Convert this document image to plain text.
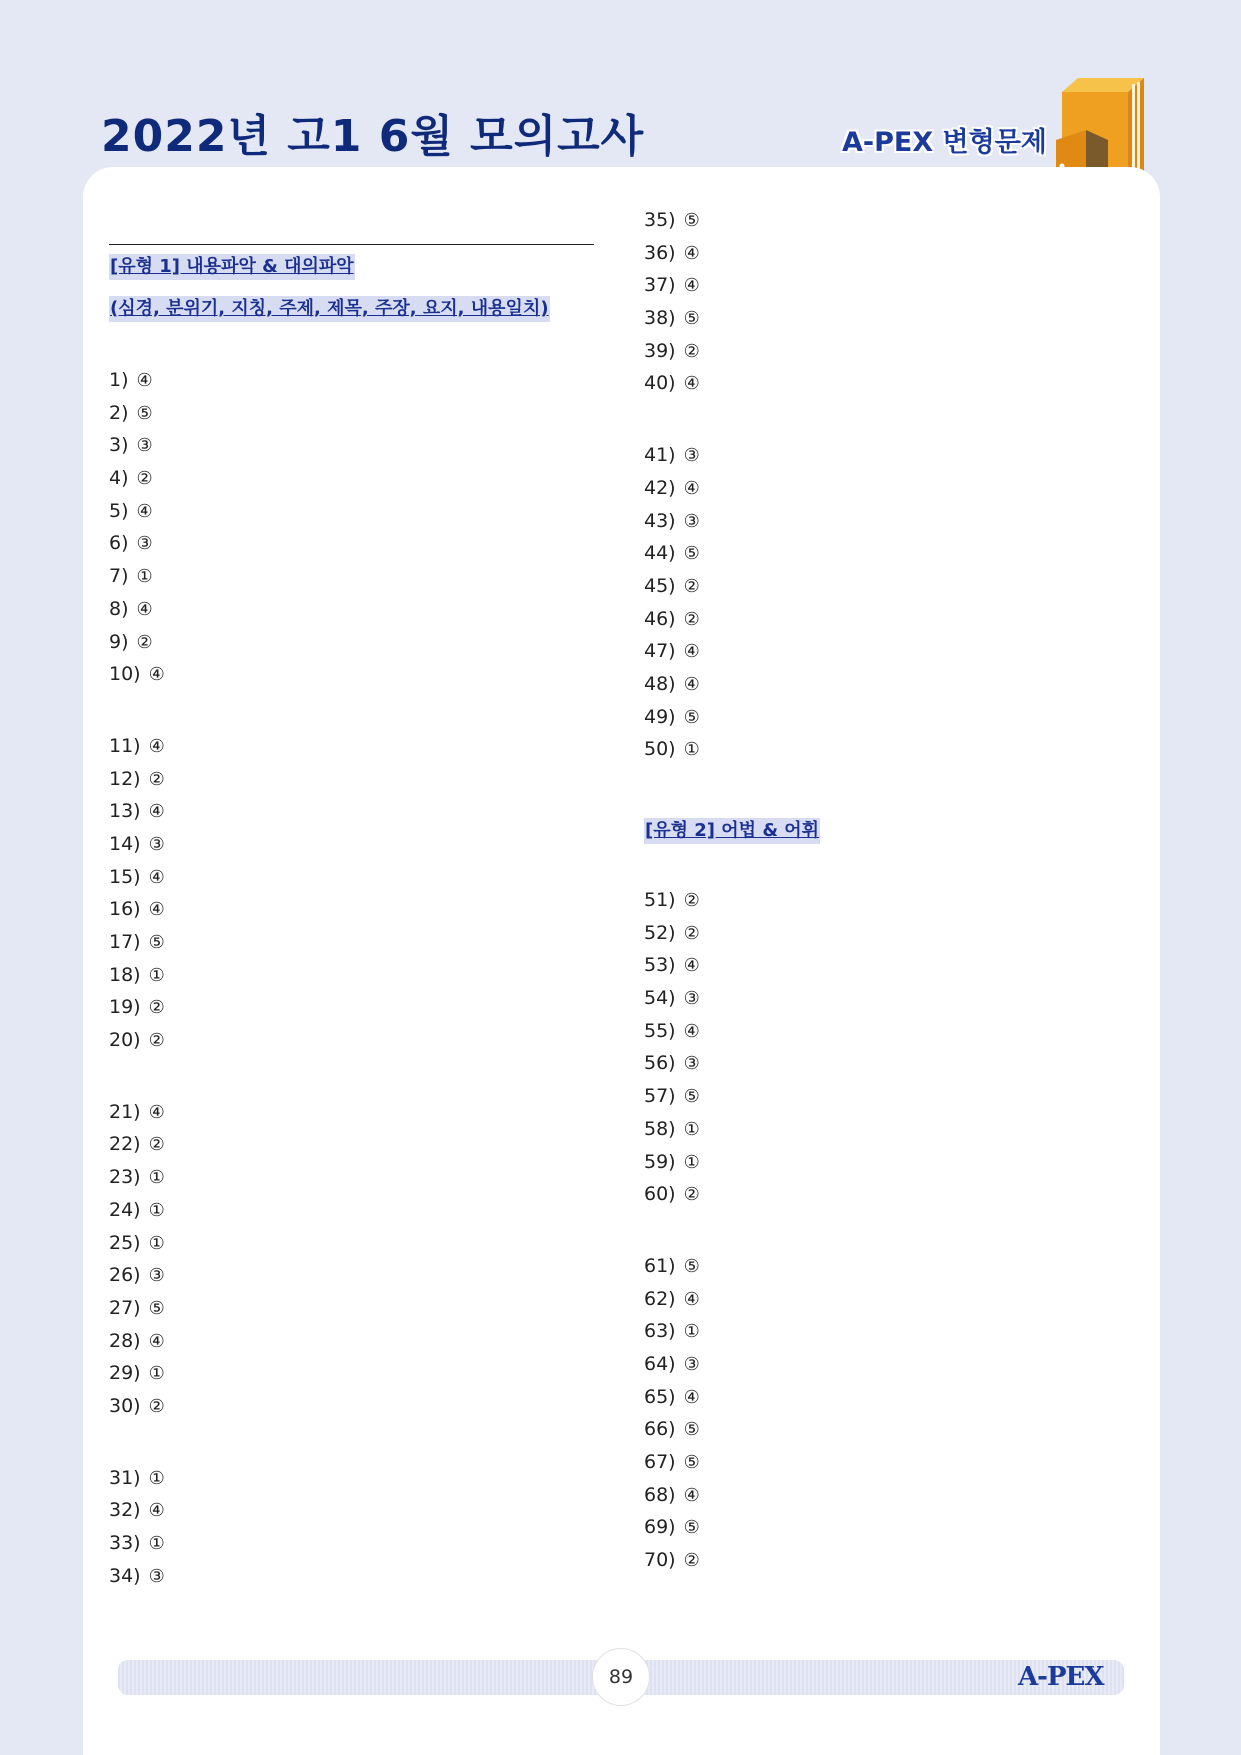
2022년 고1 6월 모의고사	A-PEX 변형문제
[유형 1] 내용파악 & 대의파악
(심경, 분위기, 지칭, 주제, 제목, 주장, 요지, 내용일치)
1) ④
2) ⑤
3) ③
4) ②
5) ④
6) ③
7) ①
8) ④
9) ②
10) ④
11) ④
12) ②
13) ④
14) ③
15) ④
16) ④
17) ⑤
18) ①
19) ②
20) ②
21) ④
22) ②
23) ①
24) ①
25) ①
26) ③
27) ⑤
28) ④
29) ①
30) ②
31) ①
32) ④
33) ①
34) ③
35) ⑤
36) ④
37) ④
38) ⑤
39) ②
40) ④
41) ③
42) ④
43) ③
44) ⑤
45) ②
46) ②
47) ④
48) ④
49) ⑤
50) ①
[유형 2] 어법 & 어휘
51) ②
52) ②
53) ④
54) ③
55) ④
56) ③
57) ⑤
58) ①
59) ①
60) ②
61) ⑤
62) ④
63) ①
64) ③
65) ④
66) ⑤
67) ⑤
68) ④
69) ⑤
70) ②
89	A-PEX
